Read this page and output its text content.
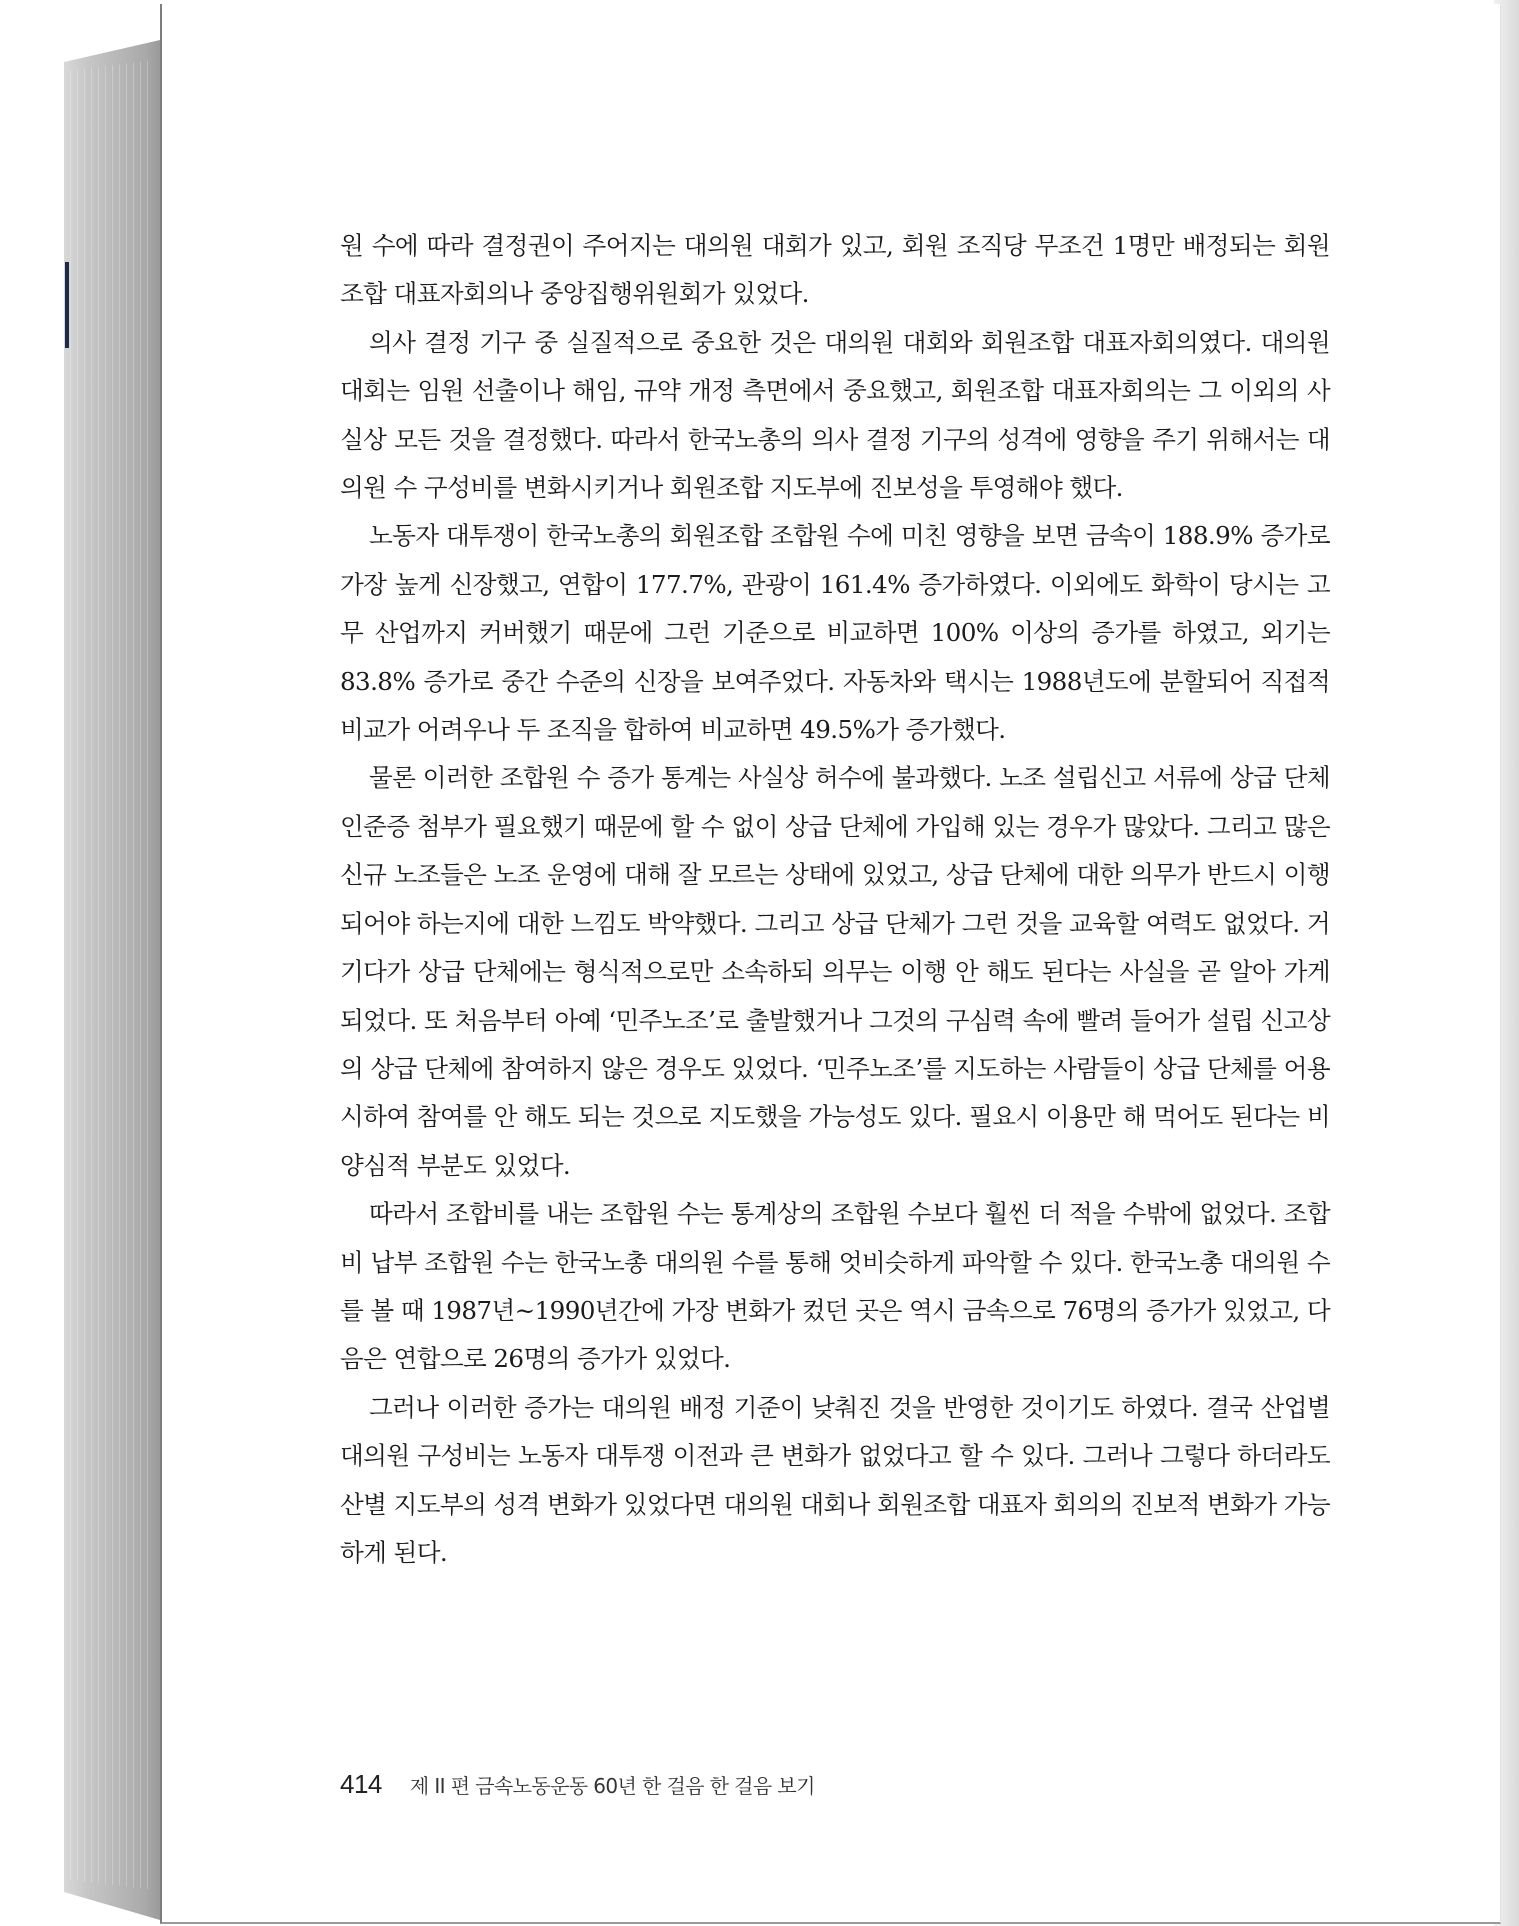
원 수에 따라 결정권이 주어지는 대의원 대회가 있고, 회원 조직당 무조건 1명만 배정되는 회원조합 대표자회의나 중앙집행위원회가 있었다.

의사 결정 기구 중 실질적으로 중요한 것은 대의원 대회와 회원조합 대표자회의였다. 대의원 대회는 임원 선출이나 해임, 규약 개정 측면에서 중요했고, 회원조합 대표자회의는 그 이외의 사실상 모든 것을 결정했다. 따라서 한국노총의 의사 결정 기구의 성격에 영향을 주기 위해서는 대의원 수 구성비를 변화시키거나 회원조합 지도부에 진보성을 투영해야 했다.

노동자 대투쟁이 한국노총의 회원조합 조합원 수에 미친 영향을 보면 금속이 188.9% 증가로 가장 높게 신장했고, 연합이 177.7%, 관광이 161.4% 증가하였다. 이외에도 화학이 당시는 고무 산업까지 커버했기 때문에 그런 기준으로 비교하면 100% 이상의 증가를 하였고, 외기는 83.8% 증가로 중간 수준의 신장을 보여주었다. 자동차와 택시는 1988년도에 분할되어 직접적 비교가 어려우나 두 조직을 합하여 비교하면 49.5%가 증가했다.

물론 이러한 조합원 수 증가 통계는 사실상 허수에 불과했다. 노조 설립신고 서류에 상급 단체 인준증 첨부가 필요했기 때문에 할 수 없이 상급 단체에 가입해 있는 경우가 많았다. 그리고 많은 신규 노조들은 노조 운영에 대해 잘 모르는 상태에 있었고, 상급 단체에 대한 의무가 반드시 이행되어야 하는지에 대한 느낌도 박약했다. 그리고 상급 단체가 그런 것을 교육할 여력도 없었다. 거기다가 상급 단체에는 형식적으로만 소속하되 의무는 이행 안 해도 된다는 사실을 곧 알아 가게 되었다. 또 처음부터 아예 ‘민주노조’로 출발했거나 그것의 구심력 속에 빨려 들어가 설립 신고상의 상급 단체에 참여하지 않은 경우도 있었다. ‘민주노조’를 지도하는 사람들이 상급 단체를 어용시하여 참여를 안 해도 되는 것으로 지도했을 가능성도 있다. 필요시 이용만 해 먹어도 된다는 비양심적 부분도 있었다.

따라서 조합비를 내는 조합원 수는 통계상의 조합원 수보다 훨씬 더 적을 수밖에 없었다. 조합비 납부 조합원 수는 한국노총 대의원 수를 통해 엇비슷하게 파악할 수 있다. 한국노총 대의원 수를 볼 때 1987년~1990년간에 가장 변화가 컸던 곳은 역시 금속으로 76명의 증가가 있었고, 다음은 연합으로 26명의 증가가 있었다.

그러나 이러한 증가는 대의원 배정 기준이 낮춰진 것을 반영한 것이기도 하였다. 결국 산업별 대의원 구성비는 노동자 대투쟁 이전과 큰 변화가 없었다고 할 수 있다. 그러나 그렇다 하더라도 산별 지도부의 성격 변화가 있었다면 대의원 대회나 회원조합 대표자 회의의 진보적 변화가 가능하게 된다.

414 제 II 편 금속노동운동 60년 한 걸음 한 걸음 보기
